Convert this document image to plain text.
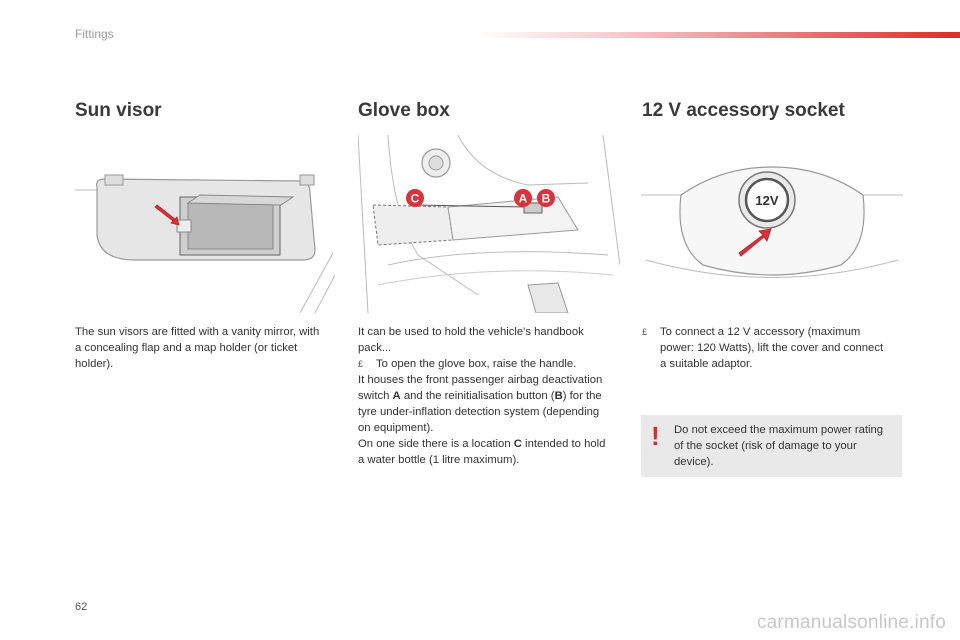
Fittings
Sun visor

The sun visors are fitted with a vanity mirror, with a concealing flap and a map holder (or ticket holder).

Glove box
C	A B

It can be used to hold the vehicle's handbook pack...

£	To open the glove box, raise the handle.

It houses the front passenger airbag deactivation switch A and the reinitialisation button (B) for the tyre under-inflation detection system (depending on equipment).

On one side there is a location C intended to hold a water bottle (1 litre maximum).

12 V accessory socket
12V
£	To connect a 12 V accessory (maximum power: 120 Watts), lift the cover and connect a suitable adaptor.
! Do not exceed the maximum power rating of the socket (risk of damage to your device).
62
carmanualsonline.info
